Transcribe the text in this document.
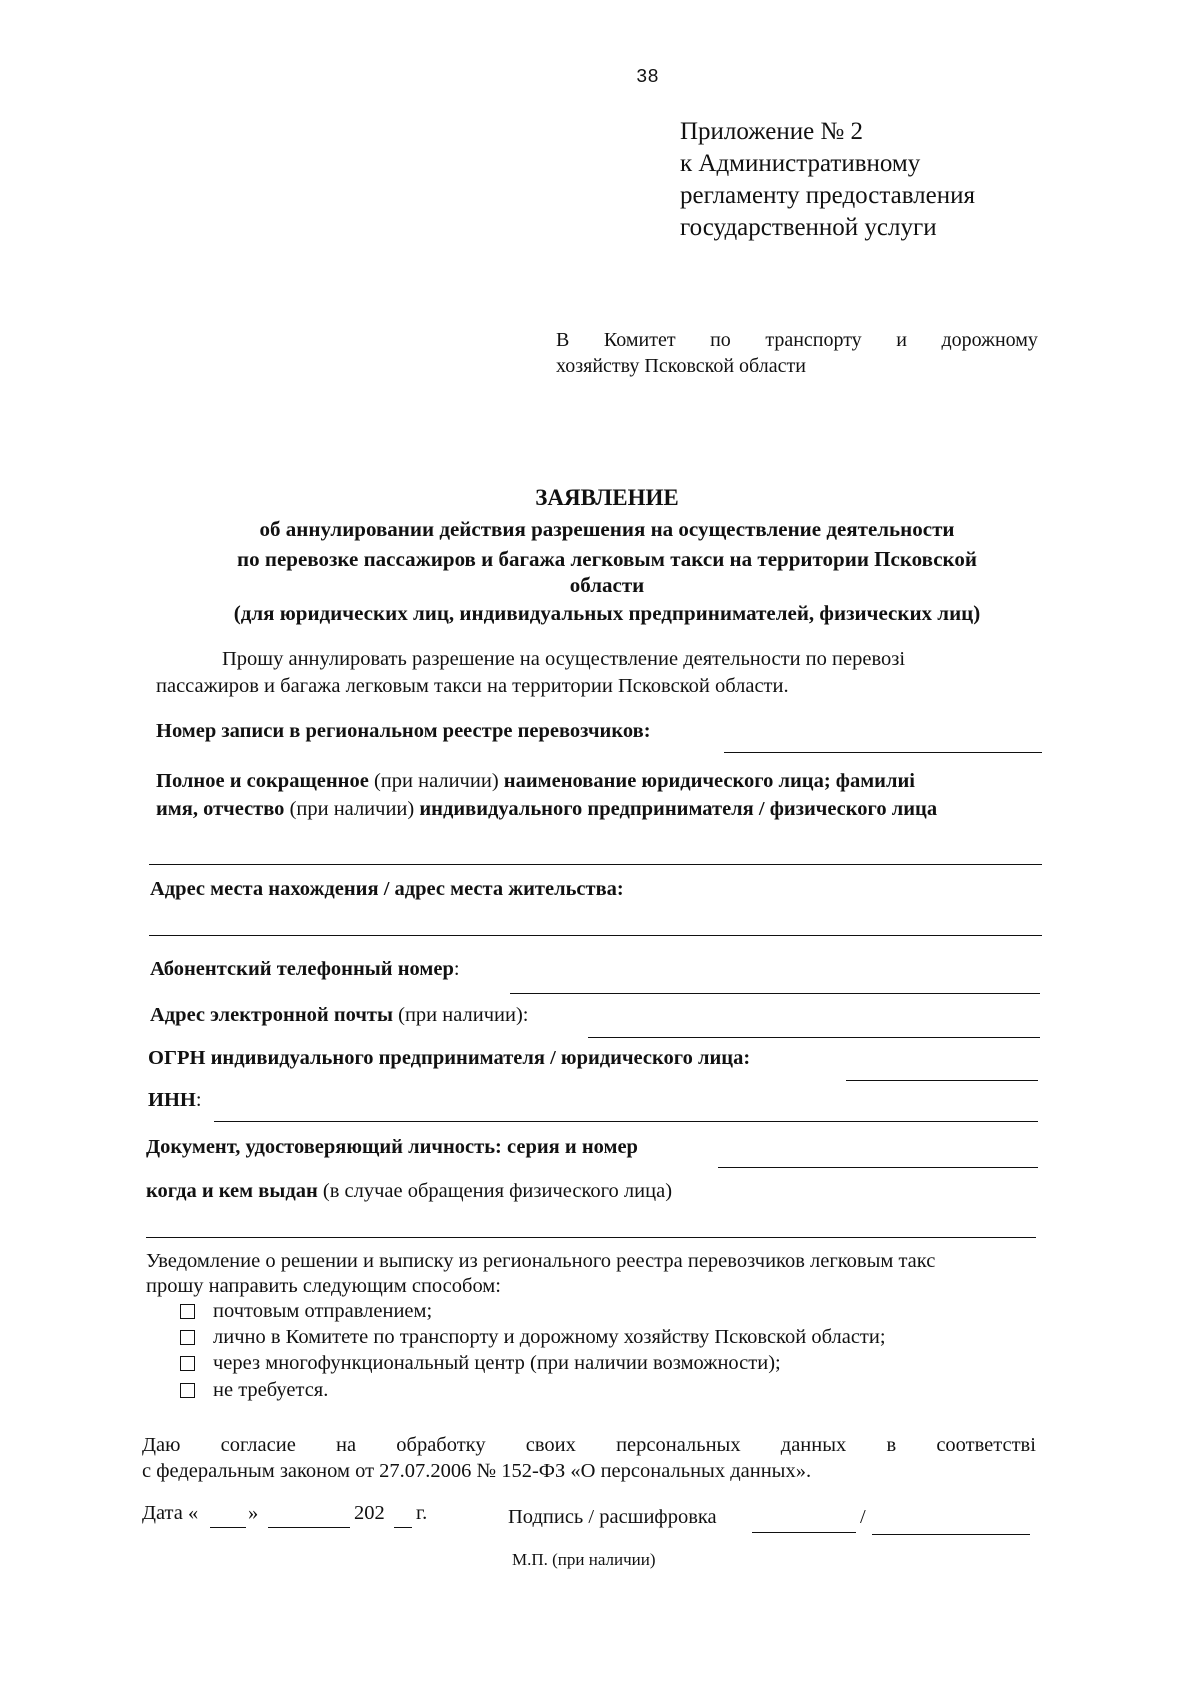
38
Приложение № 2
к Административному
регламенту предоставления
государственной услуги
В Комитет по транспорту и дорожному
хозяйству Псковской области
ЗАЯВЛЕНИЕ
об аннулировании действия разрешения на осуществление деятельности
по перевозке пассажиров и багажа легковым такси на территории Псковской
области
(для юридических лиц, индивидуальных предпринимателей, физических лиц)
Прошу аннулировать разрешение на осуществление деятельности по перевозі
пассажиров и багажа легковым такси на территории Псковской области.
Номер записи в региональном реестре перевозчиков:
Полное и сокращенное (при наличии) наименование юридического лица; фамилиі
имя, отчество (при наличии) индивидуального предпринимателя / физического лица
Адрес места нахождения / адрес места жительства:
Абонентский телефонный номер:
Адрес электронной почты (при наличии):
ОГРН индивидуального предпринимателя / юридического лица:
ИНН:
Документ, удостоверяющий личность: серия и номер
когда и кем выдан (в случае обращения физического лица)
Уведомление о решении и выписку из регионального реестра перевозчиков легковым такс
прошу направить следующим способом:
почтовым отправлением;
лично в Комитете по транспорту и дорожному хозяйству Псковской области;
через многофункциональный центр (при наличии возможности);
не требуется.
Даю согласие на обработку своих персональных данных в соответстві
с федеральным законом от 27.07.2006 № 152-ФЗ «О персональных данных».
Дата « »	202 г.	Подпись / расшифровка	/
М.П. (при наличии)
